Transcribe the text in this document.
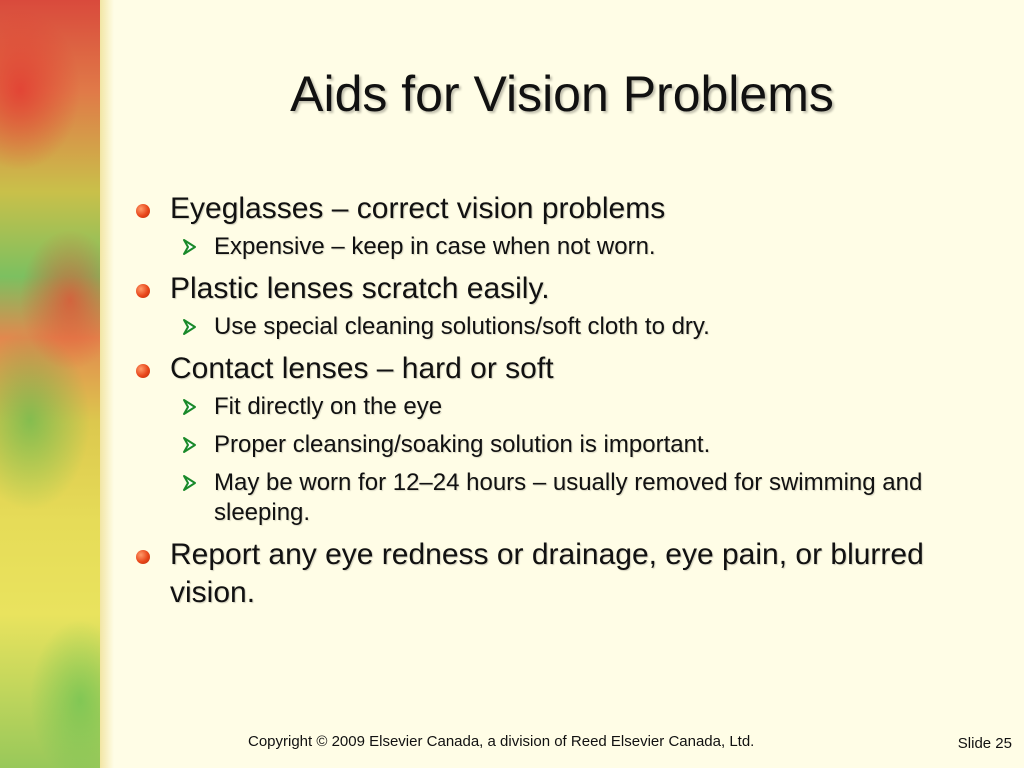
Aids for Vision Problems
Eyeglasses – correct vision problems
Expensive – keep in case when not worn.
Plastic lenses scratch easily.
Use special cleaning solutions/soft cloth to dry.
Contact lenses – hard or soft
Fit directly on the eye
Proper cleansing/soaking solution is important.
May be worn for 12–24 hours – usually removed for swimming and sleeping.
Report any eye redness or drainage, eye pain, or blurred vision.
Copyright © 2009 Elsevier Canada, a division of Reed Elsevier Canada, Ltd.	Slide 25
